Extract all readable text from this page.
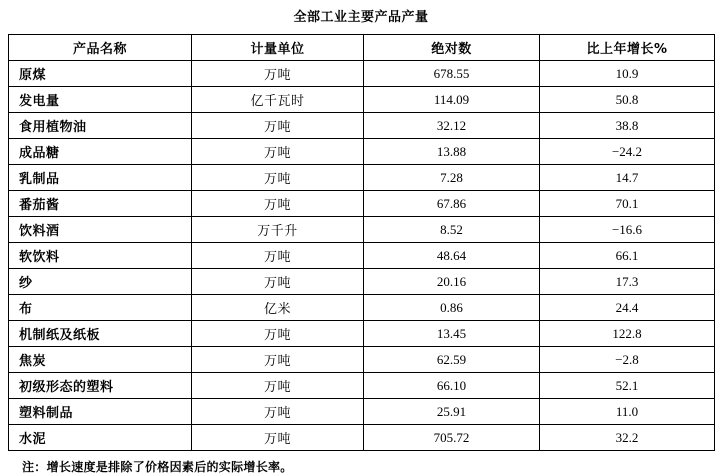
全部工业主要产品产量
产品名称	计量单位	绝对数	比上年增长%
原煤	万吨	678.55	10.9
发电量	亿千瓦时	114.09	50.8
食用植物油	万吨	32.12	38.8
成品糖	万吨	13.88	−24.2
乳制品	万吨	7.28	14.7
番茄酱	万吨	67.86	70.1
饮料酒	万千升	8.52	−16.6
软饮料	万吨	48.64	66.1
纱	万吨	20.16	17.3
布	亿米	0.86	24.4
机制纸及纸板	万吨	13.45	122.8
焦炭	万吨	62.59	−2.8
初级形态的塑料	万吨	66.10	52.1
塑料制品	万吨	25.91	11.0
水泥	万吨	705.72	32.2
注：增长速度是排除了价格因素后的实际增长率。
